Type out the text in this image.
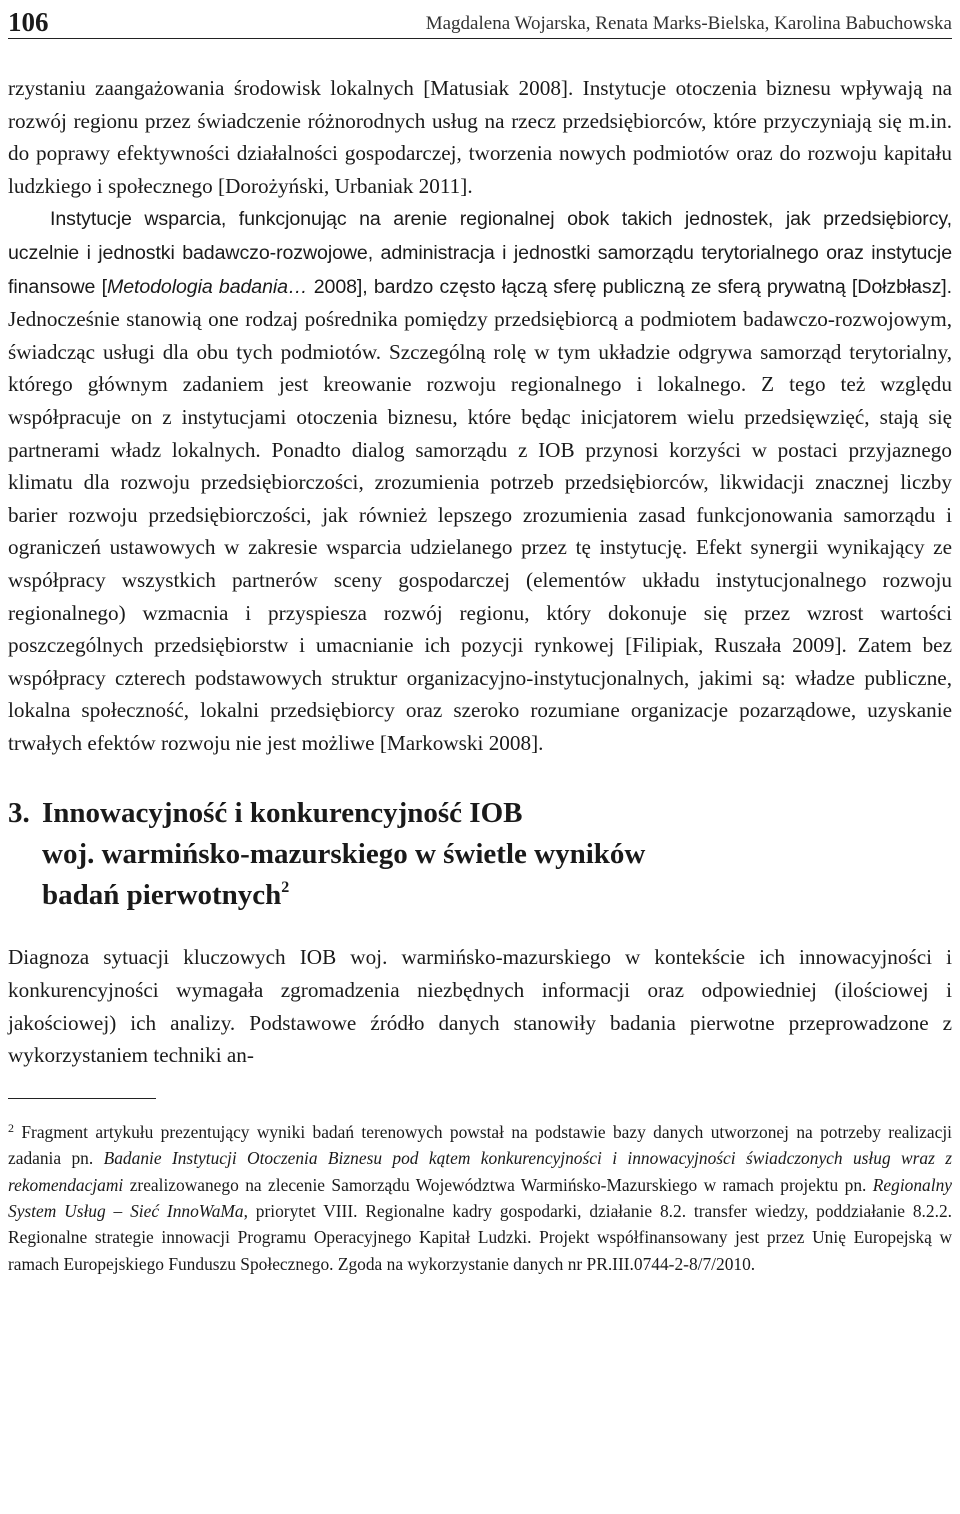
106	Magdalena Wojarska, Renata Marks-Bielska, Karolina Babuchowska

rzystaniu zaangażowania środowisk lokalnych [Matusiak 2008]. Instytucje otoczenia biznesu wpływają na rozwój regionu przez świadczenie różnorodnych usług na rzecz przedsiębiorców, które przyczyniają się m.in. do poprawy efektywności działalności gospodarczej, tworzenia nowych podmiotów oraz do rozwoju kapitału ludzkiego i społecznego [Dorożyński, Urbaniak 2011].

Instytucje wsparcia, funkcjonując na arenie regionalnej obok takich jednostek, jak przedsiębiorcy, uczelnie i jednostki badawczo-rozwojowe, administracja i jednostki samorządu terytorialnego oraz instytucje finansowe [Metodologia badania… 2008], bardzo często łączą sferę publiczną ze sferą prywatną [Dołzbłasz]. Jednocześnie stanowią one rodzaj pośrednika pomiędzy przedsiębiorcą a podmiotem badawczo-rozwojowym, świadcząc usługi dla obu tych podmiotów. Szczególną rolę w tym układzie odgrywa samorząd terytorialny, którego głównym zadaniem jest kreowanie rozwoju regionalnego i lokalnego. Z tego też względu współpracuje on z instytucjami otoczenia biznesu, które będąc inicjatorem wielu przedsięwzięć, stają się partnerami władz lokalnych. Ponadto dialog samorządu z IOB przynosi korzyści w postaci przyjaznego klimatu dla rozwoju przedsiębiorczości, zrozumienia potrzeb przedsiębiorców, likwidacji znacznej liczby barier rozwoju przedsiębiorczości, jak również lepszego zrozumienia zasad funkcjonowania samorządu i ograniczeń ustawowych w zakresie wsparcia udzielanego przez tę instytucję. Efekt synergii wynikający ze współpracy wszystkich partnerów sceny gospodarczej (elementów układu instytucjonalnego rozwoju regionalnego) wzmacnia i przyspiesza rozwój regionu, który dokonuje się przez wzrost wartości poszczególnych przedsiębiorstw i umacnianie ich pozycji rynkowej [Filipiak, Ruszała 2009]. Zatem bez współpracy czterech podstawowych struktur organizacyjno-instytucjonalnych, jakimi są: władze publiczne, lokalna społeczność, lokalni przedsiębiorcy oraz szeroko rozumiane organizacje pozarządowe, uzyskanie trwałych efektów rozwoju nie jest możliwe [Markowski 2008].

3. Innowacyjność i konkurencyjność IOB
woj. warmińsko-mazurskiego w świetle wyników
badań pierwotnych$^2$

Diagnoza sytuacji kluczowych IOB woj. warmińsko-mazurskiego w kontekście ich innowacyjności i konkurencyjności wymagała zgromadzenia niezbędnych informacji oraz odpowiedniej (ilościowej i jakościowej) ich analizy. Podstawowe źródło danych stanowiły badania pierwotne przeprowadzone z wykorzystaniem techniki an-

$^2$ Fragment artykułu prezentujący wyniki badań terenowych powstał na podstawie bazy danych utworzonej na potrzeby realizacji zadania pn. Badanie Instytucji Otoczenia Biznesu pod kątem konkurencyjności i innowacyjności świadczonych usług wraz z rekomendacjami zrealizowanego na zlecenie Samorządu Województwa Warmińsko-Mazurskiego w ramach projektu pn. Regionalny System Usług – Sieć InnoWaMa, priorytet VIII. Regionalne kadry gospodarki, działanie 8.2. transfer wiedzy, poddziałanie 8.2.2. Regionalne strategie innowacji Programu Operacyjnego Kapitał Ludzki. Projekt współfinansowany jest przez Unię Europejską w ramach Europejskiego Funduszu Społecznego. Zgoda na wykorzystanie danych nr PR.III.0744-2-8/7/2010.
